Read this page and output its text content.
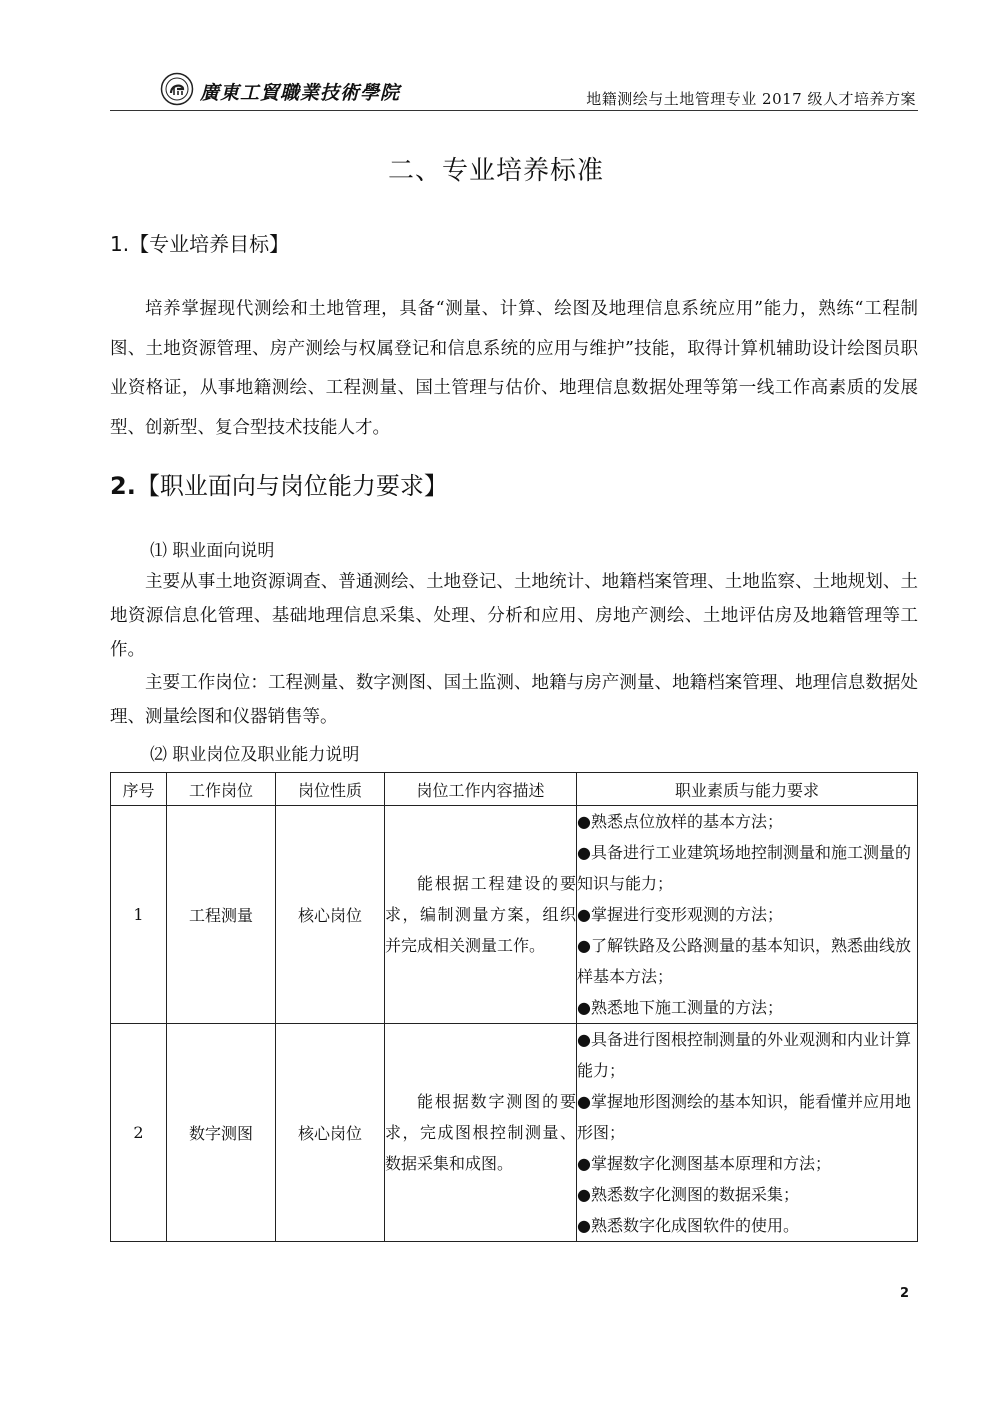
廣東工貿職業技術學院	地籍测绘与土地管理专业 2017 级人才培养方案
二、专业培养标准
1.【专业培养目标】

培养掌握现代测绘和土地管理，具备“测量、计算、绘图及地理信息系统应用”能力，熟练“工程制图、土地资源管理、房产测绘与权属登记和信息系统的应用与维护”技能，取得计算机辅助设计绘图员职业资格证，从事地籍测绘、工程测量、国土管理与估价、地理信息数据处理等第一线工作高素质的发展型、创新型、复合型技术技能人才。

2.【职业面向与岗位能力要求】
⑴ 职业面向说明

主要从事土地资源调查、普通测绘、土地登记、土地统计、地籍档案管理、土地监察、土地规划、土地资源信息化管理、基础地理信息采集、处理、分析和应用、房地产测绘、土地评估房及地籍管理等工作。

主要工作岗位：工程测量、数字测图、国土监测、地籍与房产测量、地籍档案管理、地理信息数据处理、测量绘图和仪器销售等。

⑵ 职业岗位及职业能力说明
序号	工作岗位	岗位性质	岗位工作内容描述	职业素质与能力要求
1	工程测量	核心岗位	能根据工程建设的要求，编制测量方案，组织并完成相关测量工作。	●熟悉点位放样的基本方法；
●具备进行工业建筑场地控制测量和施工测量的知识与能力；
●掌握进行变形观测的方法；
●了解铁路及公路测量的基本知识，熟悉曲线放样基本方法；
●熟悉地下施工测量的方法；

2	数字测图	核心岗位	能根据数字测图的要求，完成图根控制测量、数据采集和成图。	●具备进行图根控制测量的外业观测和内业计算能力；
●掌握地形图测绘的基本知识，能看懂并应用地形图；
●掌握数字化测图基本原理和方法；
●熟悉数字化测图的数据采集；
●熟悉数字化成图软件的使用。
2
